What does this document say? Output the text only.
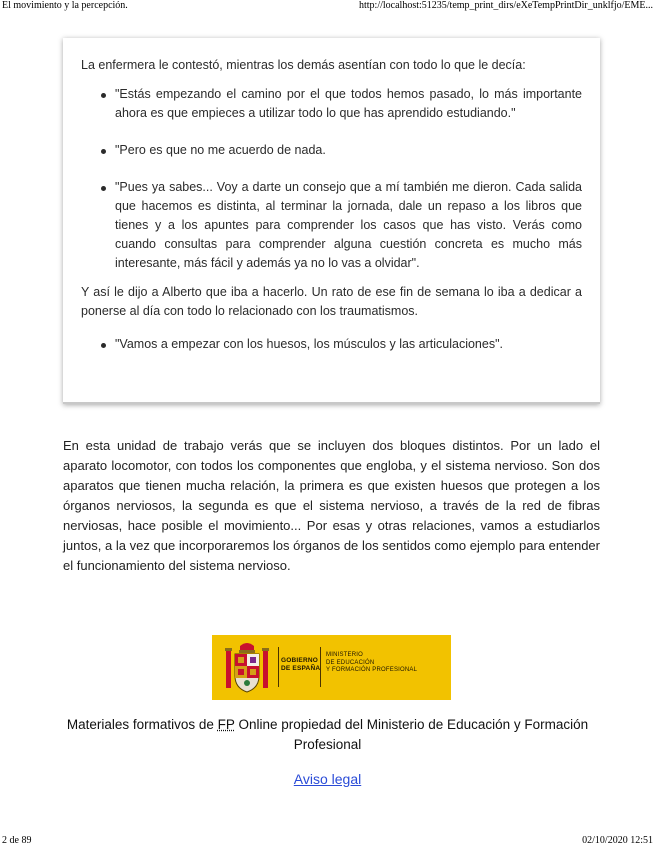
El movimiento y la percepción.	http://localhost:51235/temp_print_dirs/eXeTempPrintDir_unklfjo/EME...

La enfermera le contestó, mientras los demás asentían con todo lo que le decía:

"Estás empezando el camino por el que todos hemos pasado, lo más importante ahora es que empieces a utilizar todo lo que has aprendido estudiando."
"Pero es que no me acuerdo de nada.
"Pues ya sabes... Voy a darte un consejo que a mí también me dieron. Cada salida que hacemos es distinta, al terminar la jornada, dale un repaso a los libros que tienes y a los apuntes para comprender los casos que has visto. Verás como cuando consultas para comprender alguna cuestión concreta es mucho más interesante, más fácil y además ya no lo vas a olvidar".

Y así le dijo a Alberto que iba a hacerlo. Un rato de ese fin de semana lo iba a dedicar a ponerse al día con todo lo relacionado con los traumatismos.

"Vamos a empezar con los huesos, los músculos y las articulaciones".

En esta unidad de trabajo verás que se incluyen dos bloques distintos. Por un lado el aparato locomotor, con todos los componentes que engloba, y el sistema nervioso. Son dos aparatos que tienen mucha relación, la primera es que existen huesos que protegen a los órganos nerviosos, la segunda es que el sistema nervioso, a través de la red de fibras nerviosas, hace posible el movimiento... Por esas y otras relaciones, vamos a estudiarlos juntos, a la vez que incorporaremos los órganos de los sentidos como ejemplo para entender el funcionamiento del sistema nervioso.

GOBIERNO
DE ESPAÑA
MINISTERIO
DE EDUCACIÓN
Y FORMACIÓN PROFESIONAL
Materiales formativos de FP Online propiedad del Ministerio de Educación y Formación Profesional
Aviso legal
2 de 89	02/10/2020 12:51
